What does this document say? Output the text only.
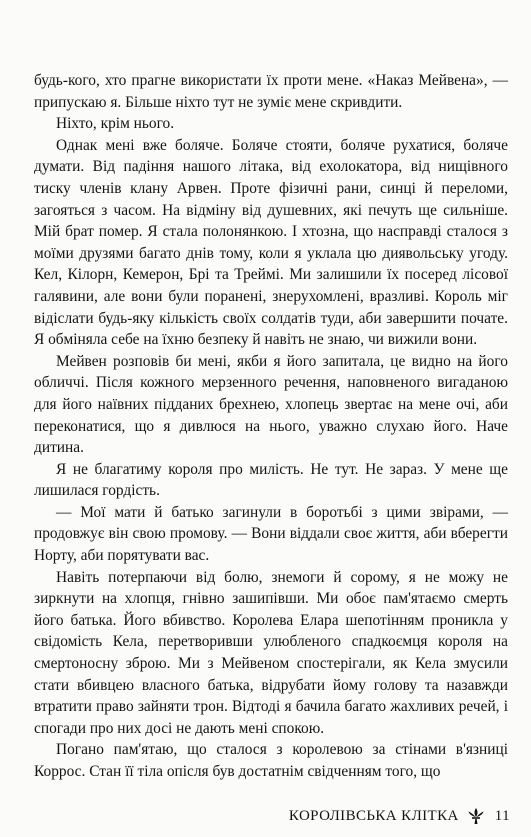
будь-кого, хто прагне використати їх проти мене. «Наказ Мейвена», — припускаю я. Більше ніхто тут не зуміє мене скривдити.

Ніхто, крім нього.

Однак мені вже боляче. Боляче стояти, боляче рухатися, боляче думати. Від падіння нашого літака, від ехолокатора, від нищівного тиску членів клану Арвен. Проте фізичні рани, синці й переломи, загояться з часом. На відміну від душевних, які печуть ще сильніше. Мій брат помер. Я стала полонянкою. І хтозна, що насправді сталося з моїми друзями багато днів тому, коли я уклала цю диявольську угоду. Кел, Кілорн, Кемерон, Брі та Треймі. Ми залишили їх посеред лісової галявини, але вони були поранені, знерухомлені, вразливі. Король міг відіслати будь-яку кількість своїх солдатів туди, аби завершити почате. Я обміняла себе на їхню безпеку й навіть не знаю, чи вижили вони.

Мейвен розповів би мені, якби я його запитала, це видно на його обличчі. Після кожного мерзенного речення, наповненого вигаданою для його наївних підданих брехнею, хлопець звертає на мене очі, аби переконатися, що я дивлюся на нього, уважно слухаю його. Наче дитина.

Я не благатиму короля про милість. Не тут. Не зараз. У мене ще лишилася гордість.

— Мої мати й батько загинули в боротьбі з цими звірами, — продовжує він свою промову. — Вони віддали своє життя, аби вберегти Норту, аби порятувати вас.

Навіть потерпаючи від болю, знемоги й сорому, я не можу не зиркнути на хлопця, гнівно зашипівши. Ми обоє пам'ятаємо смерть його батька. Його вбивство. Королева Елара шепотінням проникла у свідомість Кела, перетворивши улюбленого спадкоємця короля на смертоносну зброю. Ми з Мейвеном спостерігали, як Кела змусили стати вбивцею власного батька, відрубати йому голову та назавжди втратити право зайняти трон. Відтоді я бачила багато жахливих речей, і спогади про них досі не дають мені спокою.

Погано пам'ятаю, що сталося з королевою за стінами в'язниці Коррос. Стан її тіла опісля був достатнім свідченням того, що

КОРОЛІВСЬКА КЛІТКА 11
